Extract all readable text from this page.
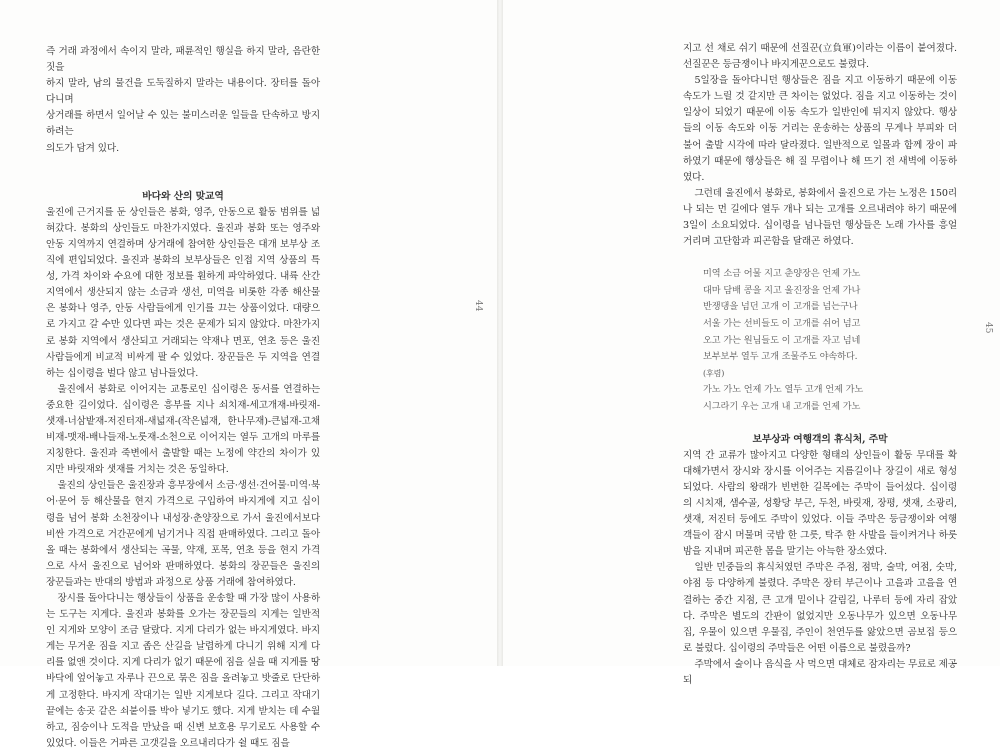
즉 거래 과정에서 속이지 말라, 패륜적인 행실을 하지 말라, 음란한 짓을

하지 말라, 남의 물건을 도둑질하지 말라는 내용이다. 장터를 돌아다니며

상거래를 하면서 일어날 수 있는 불미스러운 일들을 단속하고 방지하려는

의도가 담겨 있다.

바다와 산의 맞교역

울진에 근거지를 둔 상인들은 봉화, 영주, 안동으로 활동 범위를 넓혀갔다. 봉화의 상인들도 마찬가지였다. 울진과 봉화 또는 영주와 안동 지역까지 연결하며 상거래에 참여한 상인들은 대개 보부상 조직에 편입되었다. 울진과 봉화의 보부상들은 인접 지역 상품의 특성, 가격 차이와 수요에 대한 정보를 훤하게 파악하였다. 내륙 산간 지역에서 생산되지 않는 소금과 생선, 미역을 비롯한 각종 해산물은 봉화나 영주, 안동 사람들에게 인기를 끄는 상품이었다. 대량으로 가지고 갈 수만 있다면 파는 것은 문제가 되지 않았다. 마찬가지로 봉화 지역에서 생산되고 거래되는 약재나 면포, 연초 등은 울진 사람들에게 비교적 비싸게 팔 수 있었다. 장꾼들은 두 지역을 연결하는 십이령을 벌다 않고 넘나들었다.

울진에서 봉화로 이어지는 교통로인 십이령은 동서를 연결하는 중요한 길이었다. 십이령은 흥부를 지나 쇠치재-세고개재-바릿재-샛재-너삼밭재-저진터재-새넓재-(작은넓재, 한나무재)-큰넓재-고채비재-맷재-배나들재-노룻재-소천으로 이어지는 열두 고개의 마루를 지칭한다. 울진과 죽변에서 출발할 때는 노정에 약간의 차이가 있지만 바릿재와 샛재를 거치는 것은 동일하다.

울진의 상인들은 울진장과 흥부장에서 소금·생선·건어물·미역·북어·문어 등 해산물을 현지 가격으로 구입하여 바지게에 지고 십이령을 넘어 봉화 소천장이나 내성장·춘양장으로 가서 울진에서보다 비싼 가격으로 거간꾼에게 넘기거나 직접 판매하였다. 그리고 돌아올 때는 봉화에서 생산되는 곡물, 약재, 포목, 연초 등을 현지 가격으로 사서 울진으로 넘어와 판매하였다. 봉화의 장꾼들은 울진의 장꾼들과는 반대의 방법과 과정으로 상품 거래에 참여하였다.

장시를 돌아다니는 행상들이 상품을 운송할 때 가장 많이 사용하는 도구는 지게다. 울진과 봉화를 오가는 장꾼들의 지게는 일반적인 지게와 모양이 조금 달랐다. 지게 다리가 없는 바지게였다. 바지게는 무거운 짐을 지고 좁은 산길을 날렵하게 다니기 위해 지게 다리를 없앤 것이다. 지게 다리가 없기 때문에 짐을 실을 때 지게를 땅바닥에 엎어놓고 자루나 끈으로 묶은 짐을 올려놓고 밧줄로 단단하게 고정한다. 바지게 작대기는 일반 지게보다 길다. 그리고 작대기 끝에는 송곳 같은 쇠붙이를 박아 넣기도 했다. 지게 받치는 데 수월하고, 짐승이나 도적을 만났을 때 신변 보호용 무기로도 사용할 수 있었다. 이들은 거파른 고갯길을 오르내리다가 쉴 때도 짐을

44

지고 선 채로 쉬기 때문에 선질꾼(立負軍)이라는 이름이 붙여졌다. 선질꾼은 등금쟁이나 바지게꾼으로도 불렸다.

5일장을 돌아다니던 행상들은 짐을 지고 이동하기 때문에 이동 속도가 느릴 것 같지만 큰 차이는 없었다. 짐을 지고 이동하는 것이 일상이 되었기 때문에 이동 속도가 일반인에 뒤지지 않았다. 행상들의 이동 속도와 이동 거리는 운송하는 상품의 무게나 부피와 더불어 출발 시각에 따라 달라졌다. 일반적으로 일몰과 함께 장이 파하였기 때문에 행상들은 해 질 무렵이나 해 뜨기 전 새벽에 이동하였다.

그런데 울진에서 봉화로, 봉화에서 울진으로 가는 노정은 150리나 되는 먼 길에다 열두 개나 되는 고개를 오르내려야 하기 때문에 3일이 소요되었다. 십이령을 넘나들던 행상들은 노래 가사를 흥얼거리며 고단함과 피곤함을 달래곤 하였다.

미역 소금 어물 지고 춘양장은 언제 가노
대마 담배 콩을 지고 울진장을 언제 가나
반쟁댕을 넘던 고개 이 고개를 넘는구나
서울 가는 선비들도 이 고개를 쉬어 넘고
오고 가는 원님들도 이 고개를 자고 넘네
보부보부 열두 고개 조물주도 야속하다.
(후렴)
가노 가노 언제 가노 열두 고개 언제 가노
시그라기 우는 고개 내 고개를 언제 가노

보부상과 여행객의 휴식처, 주막

지역 간 교류가 많아지고 다양한 형태의 상인들이 활동 무대를 확대해가면서 장시와 장시를 이어주는 지름길이나 장길이 새로 형성되었다. 사람의 왕래가 빈번한 길목에는 주막이 들어섰다. 십이령의 시치재, 샘수골, 성황당 부근, 두천, 바릿재, 장평, 샛재, 소광리, 샛재, 저진터 등에도 주막이 있었다. 이들 주막은 등금쟁이와 여행객들이 잠시 머물며 국밥 한 그릇, 탁주 한 사발을 들이켜거나 하룻밤을 지내며 피곤한 몸을 말기는 아늑한 장소였다.

일반 민중들의 휴식처였던 주막은 주점, 점막, 술막, 여점, 숫막, 야점 등 다양하게 불렸다. 주막은 장터 부근이나 고을과 고을을 연결하는 중간 지점, 큰 고개 밑이나 갈림길, 나루터 등에 자리 잡았다. 주막은 별도의 간판이 없었지만 오동나무가 있으면 오동나무집, 우물이 있으면 우물집, 주인이 천연두를 앓았으면 곰보집 등으로 불렀다. 십이령의 주막들은 어떤 이름으로 불렸을까?

주막에서 술이나 음식을 사 먹으면 대체로 잠자리는 무료로 제공되

45
